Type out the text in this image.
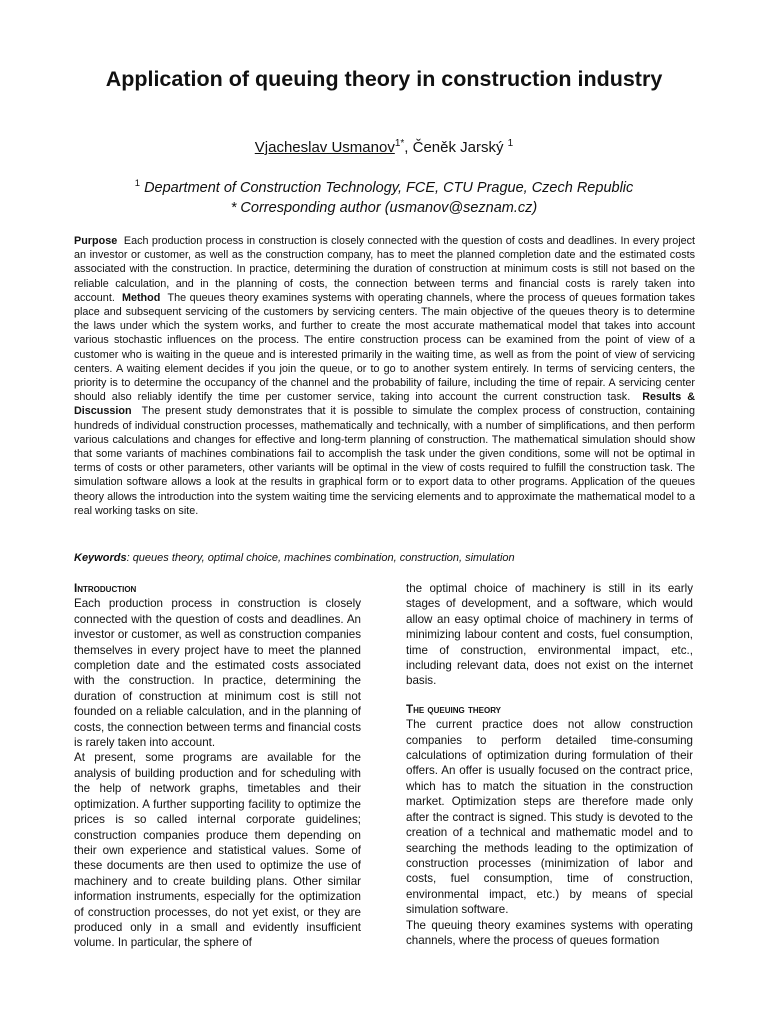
Application of queuing theory in construction industry
Vjacheslav Usmanov$^{1*}$, Čeněk Jarský $^1$
$^1$ Department of Construction Technology, FCE, CTU Prague, Czech Republic
* Corresponding author (usmanov@seznam.cz)

Purpose Each production process in construction is closely connected with the question of costs and deadlines. In every project an investor or customer, as well as the construction company, has to meet the planned completion date and the estimated costs associated with the construction. In practice, determining the duration of construction at minimum costs is still not based on the reliable calculation, and in the planning of costs, the connection between terms and financial costs is rarely taken into account. Method The queues theory examines systems with operating channels, where the process of queues formation takes place and subsequent servicing of the customers by servicing centers. The main objective of the queues theory is to determine the laws under which the system works, and further to create the most accurate mathematical model that takes into account various stochastic influences on the process. The entire construction process can be examined from the point of view of a customer who is waiting in the queue and is interested primarily in the waiting time, as well as from the point of view of servicing centers. A waiting element decides if you join the queue, or to go to another system entirely. In terms of servicing centers, the priority is to determine the occupancy of the channel and the probability of failure, including the time of repair. A servicing center should also reliably identify the time per customer service, taking into account the current construction task. Results & Discussion The present study demonstrates that it is possible to simulate the complex process of construction, containing hundreds of individual construction processes, mathematically and technically, with a number of simplifications, and then perform various calculations and changes for effective and long-term planning of construction. The mathematical simulation should show that some variants of machines combinations fail to accomplish the task under the given conditions, some will not be optimal in terms of costs or other parameters, other variants will be optimal in the view of costs required to fulfill the construction task. The simulation software allows a look at the results in graphical form or to export data to other programs. Application of the queues theory allows the introduction into the system waiting time the servicing elements and to approximate the mathematical model to a real working tasks on site.

Keywords: queues theory, optimal choice, machines combination, construction, simulation
Introduction

Each production process in construction is closely connected with the question of costs and deadlines. An investor or customer, as well as construction companies themselves in every project have to meet the planned completion date and the estimated costs associated with the construction. In practice, determining the duration of construction at minimum cost is still not founded on a reliable calculation, and in the planning of costs, the connection between terms and financial costs is rarely taken into account.

At present, some programs are available for the analysis of building production and for scheduling with the help of network graphs, timetables and their optimization. A further supporting facility to optimize the prices is so called internal corporate guidelines; construction companies produce them depending on their own experience and statistical values. Some of these documents are then used to optimize the use of machinery and to create building plans. Other similar information instruments, especially for the optimization of construction processes, do not yet exist, or they are produced only in a small and evidently insufficient volume. In particular, the sphere of

the optimal choice of machinery is still in its early stages of development, and a software, which would allow an easy optimal choice of machinery in terms of minimizing labour content and costs, fuel consumption, time of construction, environmental impact, etc., including relevant data, does not exist on the internet basis.

The queuing theory

The current practice does not allow construction companies to perform detailed time-consuming calculations of optimization during formulation of their offers. An offer is usually focused on the contract price, which has to match the situation in the construction market. Optimization steps are therefore made only after the contract is signed. This study is devoted to the creation of a technical and mathematic model and to searching the methods leading to the optimization of construction processes (minimization of labor and costs, fuel consumption, time of construction, environmental impact, etc.) by means of special simulation software.

The queuing theory examines systems with operating channels, where the process of queues formation
